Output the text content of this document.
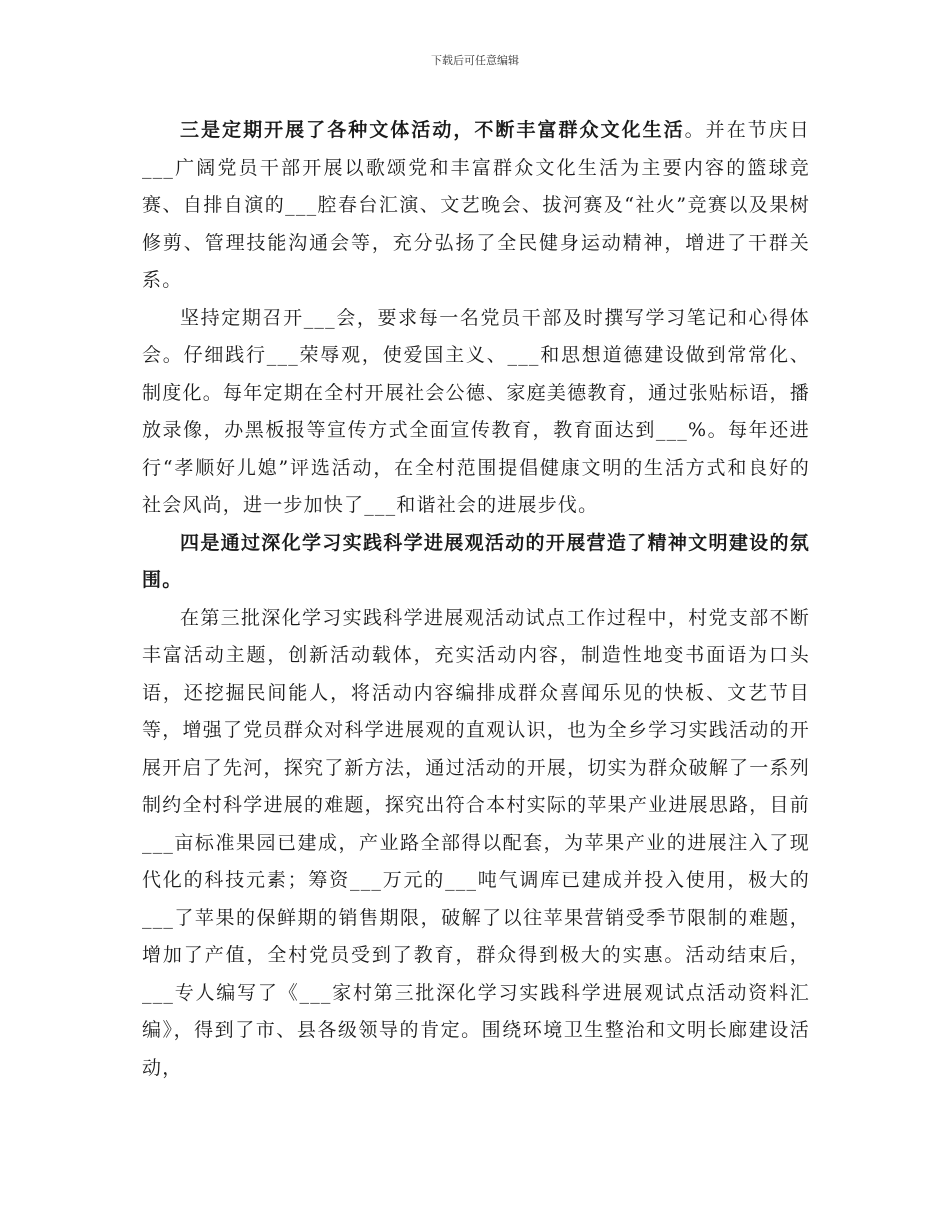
下载后可任意编辑

三是定期开展了各种文体活动，不断丰富群众文化生活。并在节庆日___广阔党员干部开展以歌颂党和丰富群众文化生活为主要内容的篮球竞赛、自排自演的___腔春台汇演、文艺晚会、拔河赛及“社火”竞赛以及果树修剪、管理技能沟通会等，充分弘扬了全民健身运动精神，增进了干群关系。

坚持定期召开___会，要求每一名党员干部及时撰写学习笔记和心得体会。仔细践行___荣辱观，使爱国主义、___和思想道德建设做到常常化、制度化。每年定期在全村开展社会公德、家庭美德教育，通过张贴标语，播放录像，办黑板报等宣传方式全面宣传教育，教育面达到___%。每年还进行“孝顺好儿媳”评选活动，在全村范围提倡健康文明的生活方式和良好的社会风尚，进一步加快了___和谐社会的进展步伐。

四是通过深化学习实践科学进展观活动的开展营造了精神文明建设的氛围。

在第三批深化学习实践科学进展观活动试点工作过程中，村党支部不断丰富活动主题，创新活动载体，充实活动内容，制造性地变书面语为口头语，还挖掘民间能人，将活动内容编排成群众喜闻乐见的快板、文艺节目等，增强了党员群众对科学进展观的直观认识，也为全乡学习实践活动的开展开启了先河，探究了新方法，通过活动的开展，切实为群众破解了一系列制约全村科学进展的难题，探究出符合本村实际的苹果产业进展思路，目前___亩标准果园已建成，产业路全部得以配套，为苹果产业的进展注入了现代化的科技元素；筹资___万元的___吨气调库已建成并投入使用，极大的___了苹果的保鲜期的销售期限，破解了以往苹果营销受季节限制的难题，增加了产值，全村党员受到了教育，群众得到极大的实惠。活动结束后，___专人编写了《___家村第三批深化学习实践科学进展观试点活动资料汇编》，得到了市、县各级领导的肯定。围绕环境卫生整治和文明长廊建设活动，
